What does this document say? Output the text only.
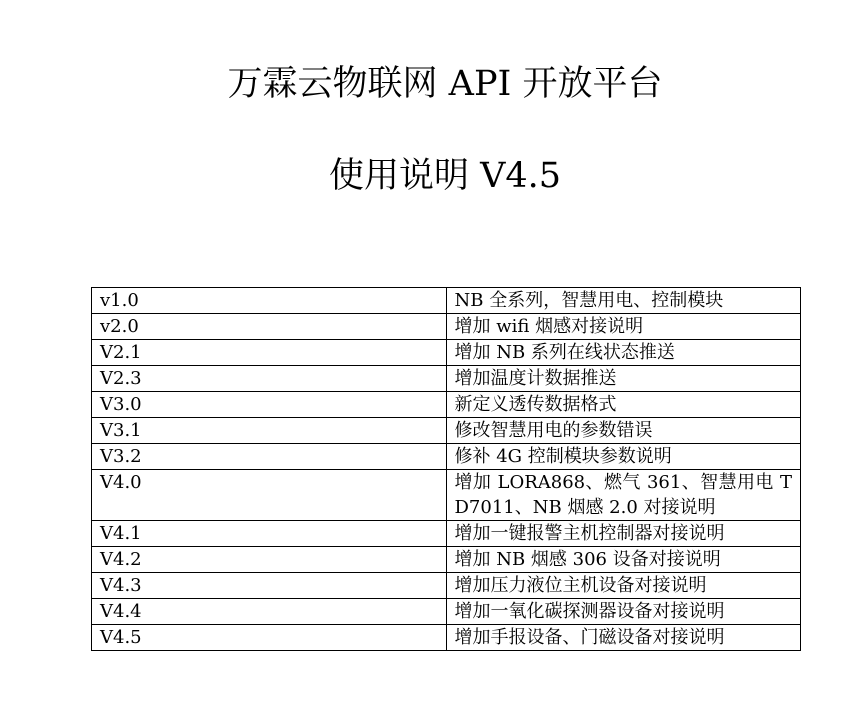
万霖云物联网 API 开放平台
使用说明 V4.5
v1.0	NB 全系列，智慧用电、控制模块
v2.0	增加 wifi 烟感对接说明
V2.1	增加 NB 系列在线状态推送
V2.3	增加温度计数据推送
V3.0	新定义透传数据格式
V3.1	修改智慧用电的参数错误
V3.2	修补 4G 控制模块参数说明
V4.0	增加 LORA868、燃气 361、智慧用电 TD7011、NB 烟感 2.0 对接说明
V4.1	增加一键报警主机控制器对接说明
V4.2	增加 NB 烟感 306 设备对接说明
V4.3	增加压力液位主机设备对接说明
V4.4	增加一氧化碳探测器设备对接说明
V4.5	增加手报设备、门磁设备对接说明
